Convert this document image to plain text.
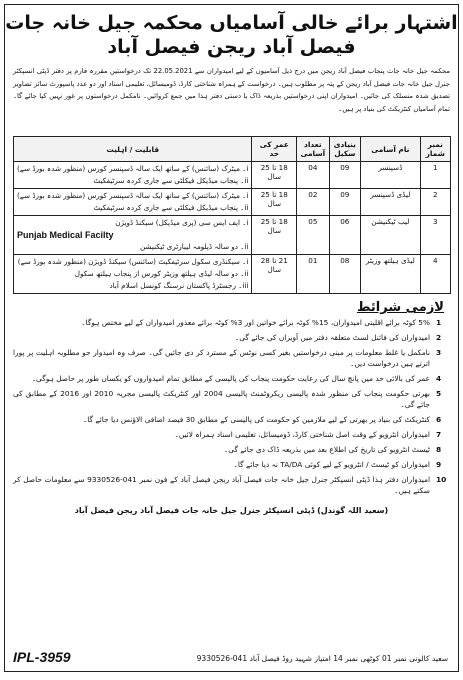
اشتہار برائے خالی آسامیاں محکمہ جیل خانہ جات فیصل آباد ریجن فیصل آباد
محکمہ جیل خانہ جات پنجاب فیصل آباد ریجن میں درج ذیل آسامیوں کے لیے امیدواران سے 22.05.2021 تک درخواستیں مقررہ فارم پر دفتر ڈپٹی انسپکٹر جنرل جیل خانہ جات فیصل آباد ریجن کے پتہ پر مطلوب ہیں۔ درخواست کے ہمراہ شناختی کارڈ، ڈومیسائل، تعلیمی اسناد اور دو عدد پاسپورٹ سائز تصاویر تصدیق شدہ منسلک کی جائیں۔ امیدواران اپنی درخواستیں بذریعہ ڈاک یا دستی دفتر ہذا میں جمع کروائیں۔ نامکمل درخواستوں پر غور نہیں کیا جائے گا۔ تمام آسامیاں کنٹریکٹ کی بنیاد پر ہیں۔
نمبر شمار	نام آسامی	بنیادی سکیل	تعداد آسامی	عمر کی حد	قابلیت / اہلیت
1	ڈسپنسر	09	04	18 تا 25 سال	i۔ میٹرک (سائنس) کے ساتھ ایک سالہ ڈسپنسر کورس (منظور شدہ بورڈ سے)
ii۔ پنجاب میڈیکل فیکلٹی سے جاری کردہ سرٹیفکیٹ

2	لیڈی ڈسپنسر	09	02	18 تا 25 سال	i۔ میٹرک (سائنس) کے ساتھ ایک سالہ ڈسپنسر کورس (منظور شدہ بورڈ سے)
ii۔ پنجاب میڈیکل فیکلٹی سے جاری کردہ سرٹیفکیٹ

3	لیب ٹیکنیشن	06	05	18 تا 25 سال	i۔ ایف ایس سی (پری میڈیکل) سیکنڈ ڈویژن
Punjab Medical Facilty
ii۔ دو سالہ ڈپلومہ لیبارٹری ٹیکنیشن

4	لیڈی ہیلتھ وزیٹر	08	01	21 تا 28 سال	i۔ سیکنڈری سکول سرٹیفکیٹ (سائنس) سیکنڈ ڈویژن (منظور شدہ بورڈ سے)
ii۔ دو سالہ لیڈی ہیلتھ وزیٹر کورس از پنجاب ہیلتھ سکول
iii۔ رجسٹرڈ پاکستان نرسنگ کونسل اسلام آباد
لازمی شرائط
1
5% کوٹہ برائے اقلیتی امیدواران، 15% کوٹہ برائے خواتین اور 3% کوٹہ برائے معذور امیدواران کے لیے مختص ہوگا۔
2
امیدواران کی فائنل لسٹ متعلقہ دفتر میں آویزاں کی جائے گی۔
3
نامکمل یا غلط معلومات پر مبنی درخواستیں بغیر کسی نوٹس کے مسترد کر دی جائیں گی۔ صرف وہ امیدوار جو مطلوبہ اہلیت پر پورا اترتے ہیں درخواست دیں۔
4
عمر کی بالائی حد میں پانچ سال کی رعایت حکومت پنجاب کی پالیسی کے مطابق تمام امیدواروں کو یکساں طور پر حاصل ہوگی۔
5
بھرتی حکومت پنجاب کی منظور شدہ پالیسی ریکروٹمنٹ پالیسی 2004 اور کنٹریکٹ پالیسی مجریہ 2010 اور 2016 کے مطابق کی جائے گی۔
6
کنٹریکٹ کی بنیاد پر بھرتی کے لیے ملازمین کو حکومت کی پالیسی کے مطابق 30 فیصد اضافی الاؤنس دیا جائے گا۔
7
امیدواران انٹرویو کے وقت اصل شناختی کارڈ، ڈومیسائل، تعلیمی اسناد ہمراہ لائیں۔
8
ٹیسٹ انٹرویو کی تاریخ کی اطلاع بعد میں بذریعہ ڈاک دی جائے گی۔
9
امیدواران کو ٹیسٹ / انٹرویو کے لیے کوئی TA/DA نہ دیا جائے گا۔
10
امیدواران دفتر ہذا ڈپٹی انسپکٹر جنرل جیل خانہ جات فیصل آباد ریجن فیصل آباد کے فون نمبر 041-9330526 سے معلومات حاصل کر سکتے ہیں۔
(سعید اللہ گوندل) ڈپٹی انسپکٹر جنرل جیل خانہ جات فیصل آباد ریجن فیصل آباد
سعید کالونی نمبر 01 کوٹھی نمبر 14 امتیاز شہید روڈ فیصل آباد 041-9330526
IPL-3959
